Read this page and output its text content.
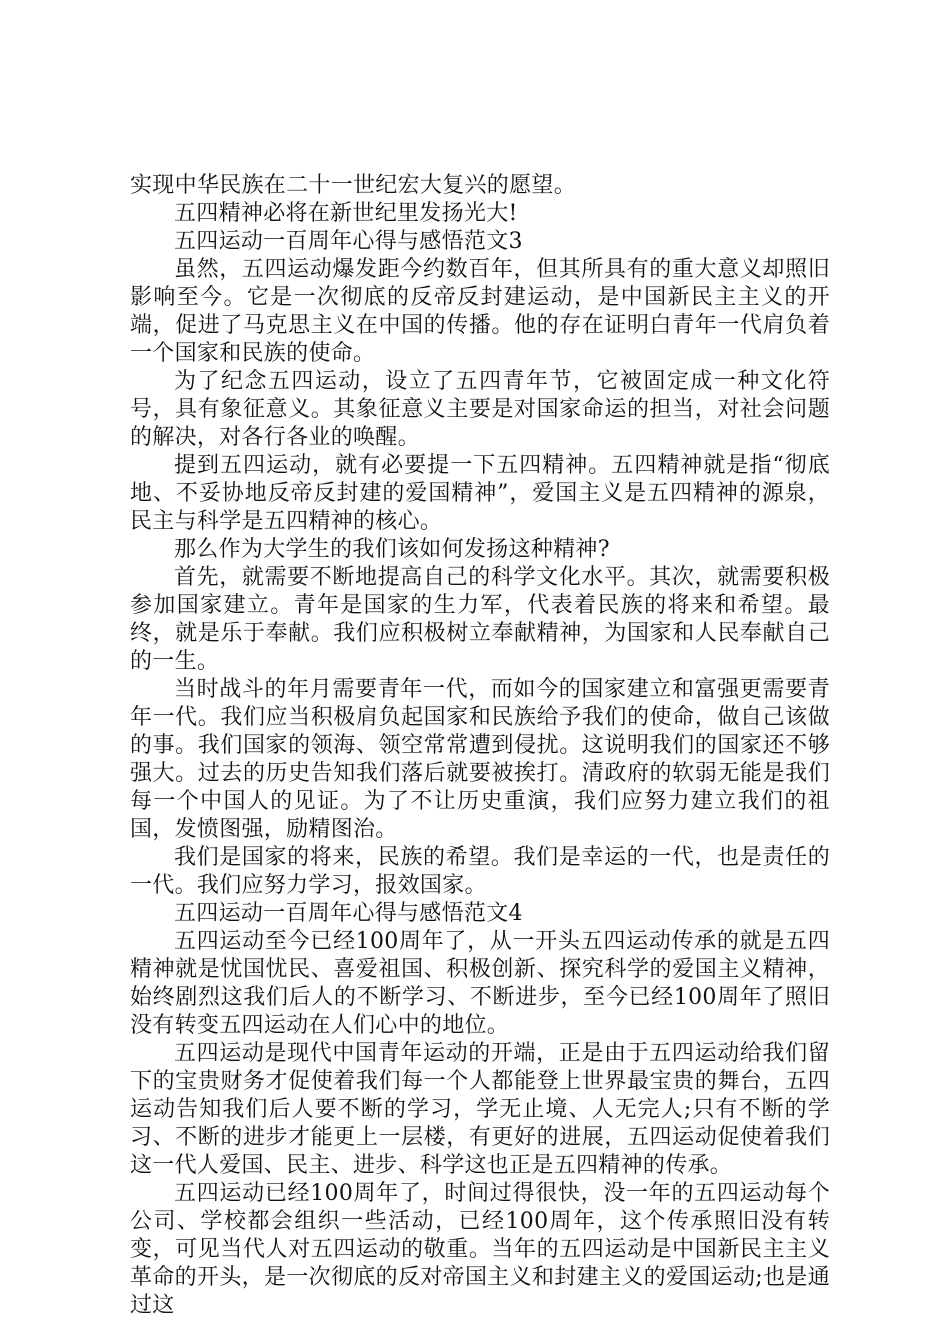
实现中华民族在二十一世纪宏大复兴的愿望。

五四精神必将在新世纪里发扬光大!

五四运动一百周年心得与感悟范文3

虽然，五四运动爆发距今约数百年，但其所具有的重大意义却照旧影响至今。它是一次彻底的反帝反封建运动，是中国新民主主义的开端，促进了马克思主义在中国的传播。他的存在证明白青年一代肩负着一个国家和民族的使命。

为了纪念五四运动，设立了五四青年节，它被固定成一种文化符号，具有象征意义。其象征意义主要是对国家命运的担当，对社会问题的解决，对各行各业的唤醒。

提到五四运动，就有必要提一下五四精神。五四精神就是指“彻底地、不妥协地反帝反封建的爱国精神”，爱国主义是五四精神的源泉，民主与科学是五四精神的核心。

那么作为大学生的我们该如何发扬这种精神?

首先，就需要不断地提高自己的科学文化水平。其次，就需要积极参加国家建立。青年是国家的生力军，代表着民族的将来和希望。最终，就是乐于奉献。我们应积极树立奉献精神，为国家和人民奉献自己的一生。

当时战斗的年月需要青年一代，而如今的国家建立和富强更需要青年一代。我们应当积极肩负起国家和民族给予我们的使命，做自己该做的事。我们国家的领海、领空常常遭到侵扰。这说明我们的国家还不够强大。过去的历史告知我们落后就要被挨打。清政府的软弱无能是我们每一个中国人的见证。为了不让历史重演，我们应努力建立我们的祖国，发愤图强，励精图治。

我们是国家的将来，民族的希望。我们是幸运的一代，也是责任的一代。我们应努力学习，报效国家。

五四运动一百周年心得与感悟范文4

五四运动至今已经100周年了，从一开头五四运动传承的就是五四精神就是忧国忧民、喜爱祖国、积极创新、探究科学的爱国主义精神，始终剧烈这我们后人的不断学习、不断进步，至今已经100周年了照旧没有转变五四运动在人们心中的地位。

五四运动是现代中国青年运动的开端，正是由于五四运动给我们留下的宝贵财务才促使着我们每一个人都能登上世界最宝贵的舞台，五四运动告知我们后人要不断的学习，学无止境、人无完人;只有不断的学习、不断的进步才能更上一层楼，有更好的进展，五四运动促使着我们这一代人爱国、民主、进步、科学这也正是五四精神的传承。

五四运动已经100周年了，时间过得很快，没一年的五四运动每个公司、学校都会组织一些活动，已经100周年，这个传承照旧没有转变，可见当代人对五四运动的敬重。当年的五四运动是中国新民主主义革命的开头，是一次彻底的反对帝国主义和封建主义的爱国运动;也是通过这
